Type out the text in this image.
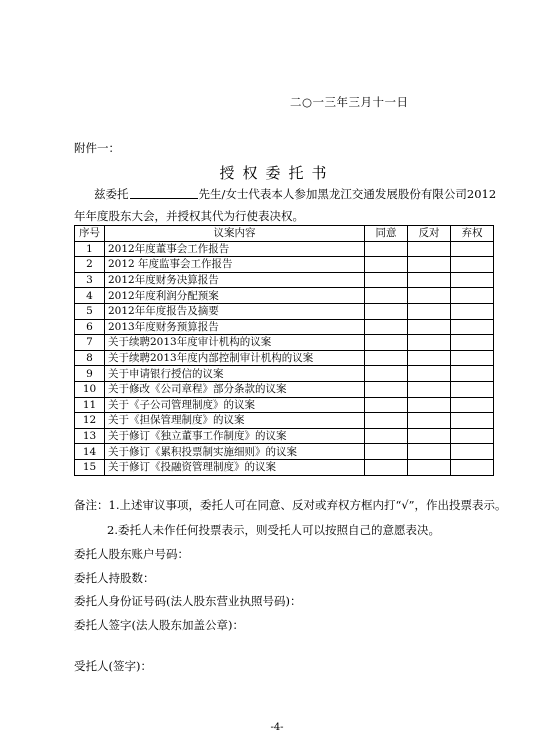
二○一三年三月十一日
附件一：
授权委托书
兹委托	先生/女士代表本人参加黑龙江交通发展股份有限公司2012
年年度股东大会，并授权其代为行使表决权。
序号	议案内容	同意	反对	弃权
1	2012年度董事会工作报告			
2	2012 年度监事会工作报告			
3	2012年度财务决算报告			
4	2012年度利润分配预案			
5	2012年年度报告及摘要			
6	2013年度财务预算报告			
7	关于续聘2013年度审计机构的议案			
8	关于续聘2013年度内部控制审计机构的议案			
9	关于申请银行授信的议案			
10	关于修改《公司章程》部分条款的议案			
11	关于《子公司管理制度》的议案			
12	关于《担保管理制度》的议案			
13	关于修订《独立董事工作制度》的议案			
14	关于修订《累积投票制实施细则》的议案			
15	关于修订《投融资管理制度》的议案			
备注：1.上述审议事项，委托人可在同意、反对或弃权方框内打“√”，作出投票表示。
2.委托人未作任何投票表示，则受托人可以按照自己的意愿表决。
委托人股东账户号码：
委托人持股数：
委托人身份证号码(法人股东营业执照号码)：
委托人签字(法人股东加盖公章)：
受托人(签字)：
-4-
